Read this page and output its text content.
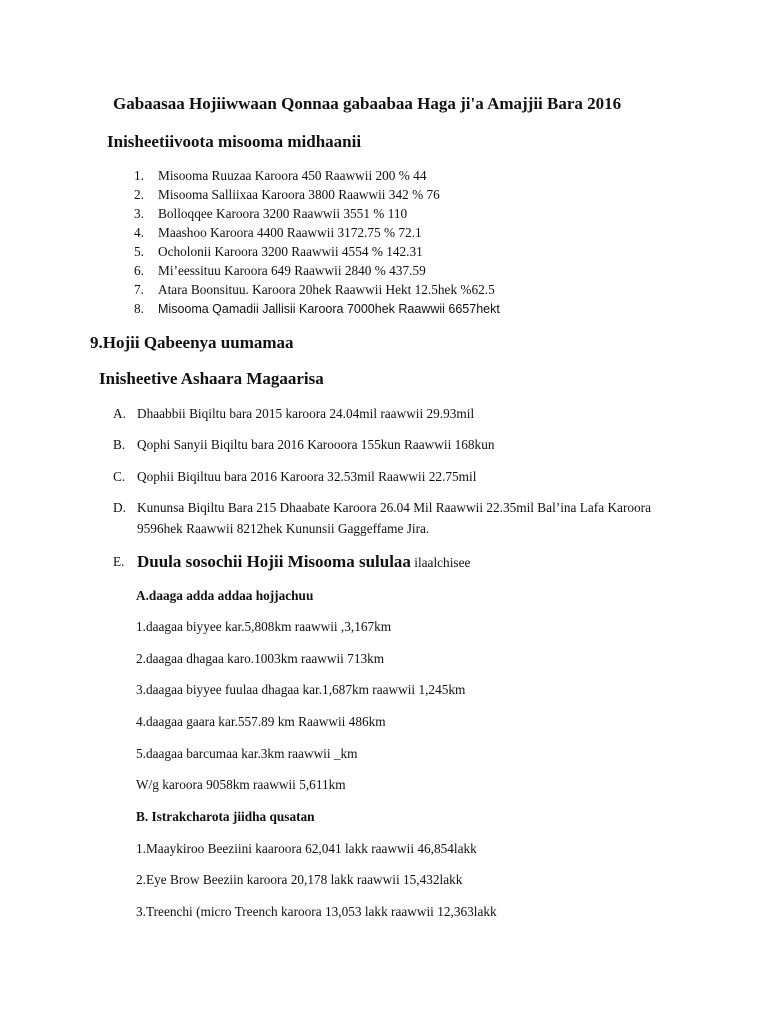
Gabaasaa Hojiiwwaan Qonnaa gabaabaa Haga ji'a Amajjii Bara 2016
Inisheetiivoota misooma midhaanii
1. Misooma Ruuzaa Karoora 450 Raawwii 200 % 44
2. Misooma Salliixaa Karoora 3800 Raawwii 342 % 76
3. Bolloqqee Karoora 3200 Raawwii 3551 % 110
4. Maashoo Karoora 4400 Raawwii 3172.75 % 72.1
5. Ocholonii Karoora 3200 Raawwii 4554 % 142.31
6. Mi’eessituu Karoora 649 Raawwii 2840 % 437.59
7. Atara Boonsituu. Karoora 20hek Raawwii Hekt 12.5hek %62.5
8. Misooma Qamadii Jallisii Karoora 7000hek Raawwii 6657hekt
9.Hojii Qabeenya uumamaa
Inisheetive Ashaara Magaarisa
A. Dhaabbii Biqiltu bara 2015 karoora 24.04mil raawwii 29.93mil
B. Qophi Sanyii Biqiltu bara 2016 Karooora 155kun Raawwii 168kun
C. Qophii Biqiltuu bara 2016 Karoora 32.53mil Raawwii 22.75mil
D. Kununsa Biqiltu Bara 215 Dhaabate Karoora 26.04 Mil Raawwii 22.35mil Bal’ina Lafa Karoora
9596hek Raawwii 8212hek Kununsii Gaggeffame Jira.
E. Duula sosochii Hojii Misooma sululaa ilaalchisee
A.daaga adda addaa hojjachuu
1.daagaa biyyee kar.5,808km raawwii ,3,167km
2.daagaa dhagaa karo.1003km raawwii 713km
3.daagaa biyyee fuulaa dhagaa kar.1,687km raawwii 1,245km
4.daagaa gaara kar.557.89 km Raawwii 486km
5.daagaa barcumaa kar.3km raawwii _km
W/g karoora 9058km raawwii 5,611km
B. Istrakcharota jiidha qusatan
1.Maaykiroo Beeziini kaaroora 62,041 lakk raawwii 46,854lakk
2.Eye Brow Beeziin karoora 20,178 lakk raawwii 15,432lakk
3.Treenchi (micro Treench karoora 13,053 lakk raawwii 12,363lakk
